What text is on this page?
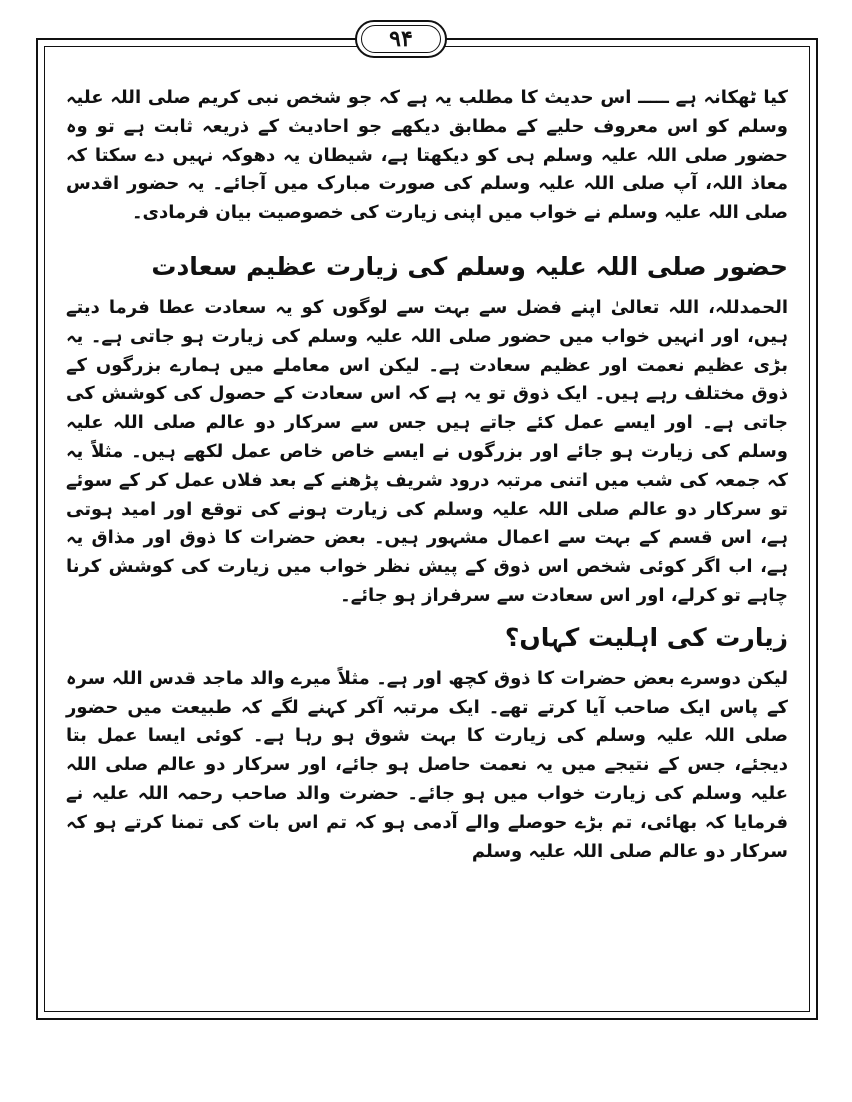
۹۴

کیا ٹھکانہ ہے ـــــ اس حدیث کا مطلب یہ ہے کہ جو شخص نبی کریم صلی اللہ علیہ وسلم کو اس معروف حلیے کے مطابق دیکھے جو احادیث کے ذریعہ ثابت ہے تو وہ حضور صلی اللہ علیہ وسلم ہی کو دیکھتا ہے، شیطان یہ دھوکہ نہیں دے سکتا کہ معاذ اللہ، آپ صلی اللہ علیہ وسلم کی صورت مبارک میں آجائے۔ یہ حضور اقدس صلی اللہ علیہ وسلم نے خواب میں اپنی زیارت کی خصوصیت بیان فرمادی۔

حضور صلی اللہ علیہ وسلم کی زیارت عظیم سعادت

الحمدللہ، اللہ تعالیٰ اپنے فضل سے بہت سے لوگوں کو یہ سعادت عطا فرما دیتے ہیں، اور انہیں خواب میں حضور صلی اللہ علیہ وسلم کی زیارت ہو جاتی ہے۔ یہ بڑی عظیم نعمت اور عظیم سعادت ہے۔ لیکن اس معاملے میں ہمارے بزرگوں کے ذوق مختلف رہے ہیں۔ ایک ذوق تو یہ ہے کہ اس سعادت کے حصول کی کوشش کی جاتی ہے۔ اور ایسے عمل کئے جاتے ہیں جس سے سرکار دو عالم صلی اللہ علیہ وسلم کی زیارت ہو جائے اور بزرگوں نے ایسے خاص خاص عمل لکھے ہیں۔ مثلاً یہ کہ جمعہ کی شب میں اتنی مرتبہ درود شریف پڑھنے کے بعد فلاں عمل کر کے سوئے تو سرکار دو عالم صلی اللہ علیہ وسلم کی زیارت ہونے کی توقع اور امید ہوتی ہے، اس قسم کے بہت سے اعمال مشہور ہیں۔ بعض حضرات کا ذوق اور مذاق یہ ہے، اب اگر کوئی شخص اس ذوق کے پیش نظر خواب میں زیارت کی کوشش کرنا چاہے تو کرلے، اور اس سعادت سے سرفراز ہو جائے۔

زیارت کی اہلیت کہاں؟

لیکن دوسرے بعض حضرات کا ذوق کچھ اور ہے۔ مثلاً میرے والد ماجد قدس اللہ سرہ کے پاس ایک صاحب آیا کرتے تھے۔ ایک مرتبہ آکر کہنے لگے کہ طبیعت میں حضور صلی اللہ علیہ وسلم کی زیارت کا بہت شوق ہو رہا ہے۔ کوئی ایسا عمل بتا دیجئے، جس کے نتیجے میں یہ نعمت حاصل ہو جائے، اور سرکار دو عالم صلی اللہ علیہ وسلم کی زیارت خواب میں ہو جائے۔ حضرت والد صاحب رحمہ اللہ علیہ نے فرمایا کہ بھائی، تم بڑے حوصلے والے آدمی ہو کہ تم اس بات کی تمنا کرتے ہو کہ سرکار دو عالم صلی اللہ علیہ وسلم
